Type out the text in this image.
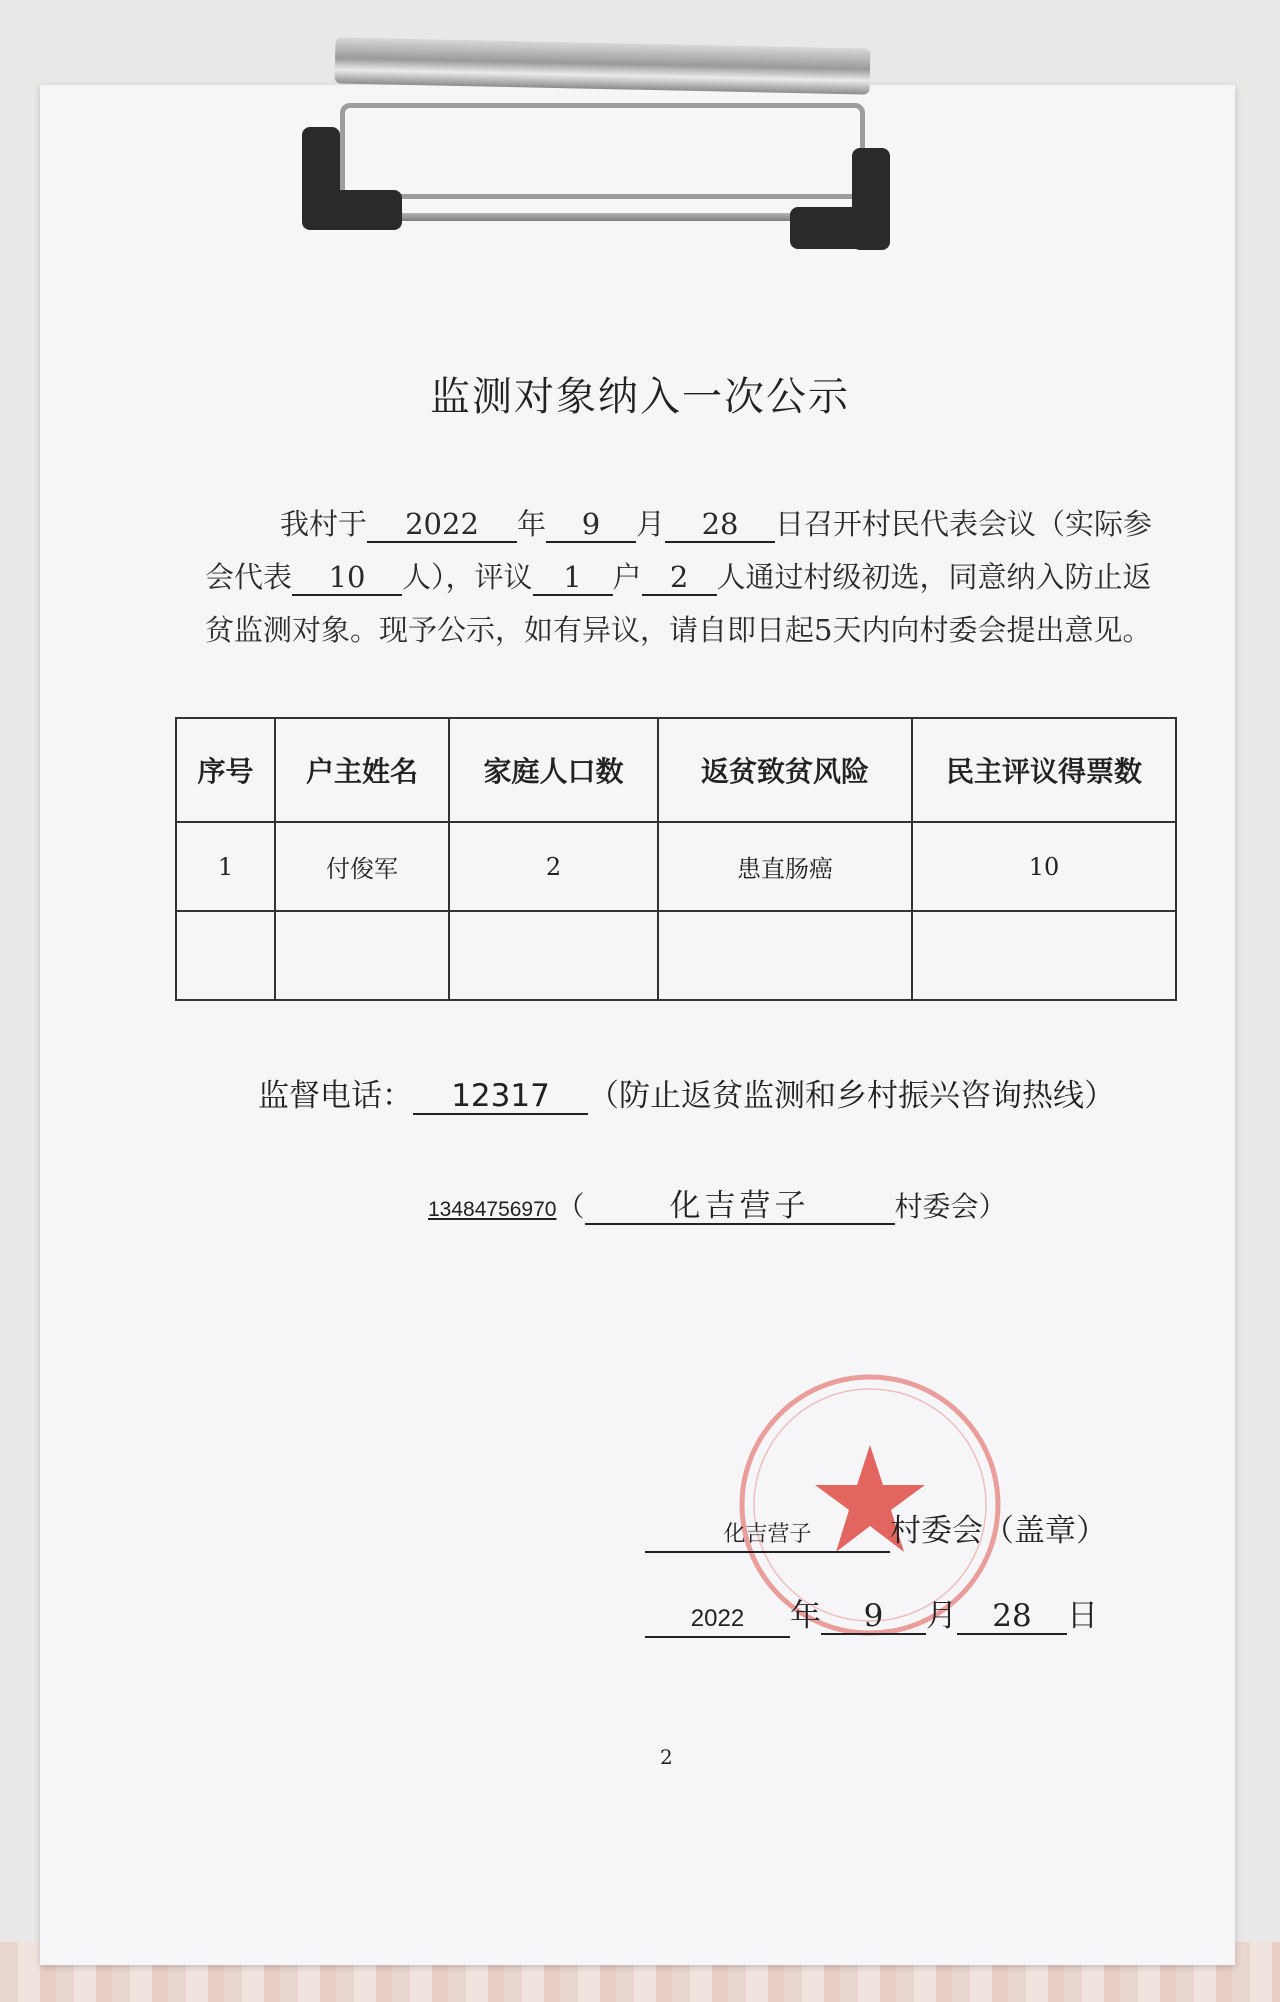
监测对象纳入一次公示
我村于 2022 年 9 月 28 日召开村民代表会议（实际参会代表 10 人），评议 1 户 2 人通过村级初选，同意纳入防止返贫监测对象。现予公示，如有异议，请自即日起5天内向村委会提出意见。
序号	户主姓名	家庭人口数	返贫致贫风险	民主评议得票数
1	付俊军	2	患直肠癌	10

监督电话： 12317 （防止返贫监测和乡村振兴咨询热线）
13484756970（	化吉营子	村委会）
化吉营子	村委会（盖章）
2022 年 9 月 28 日
2
